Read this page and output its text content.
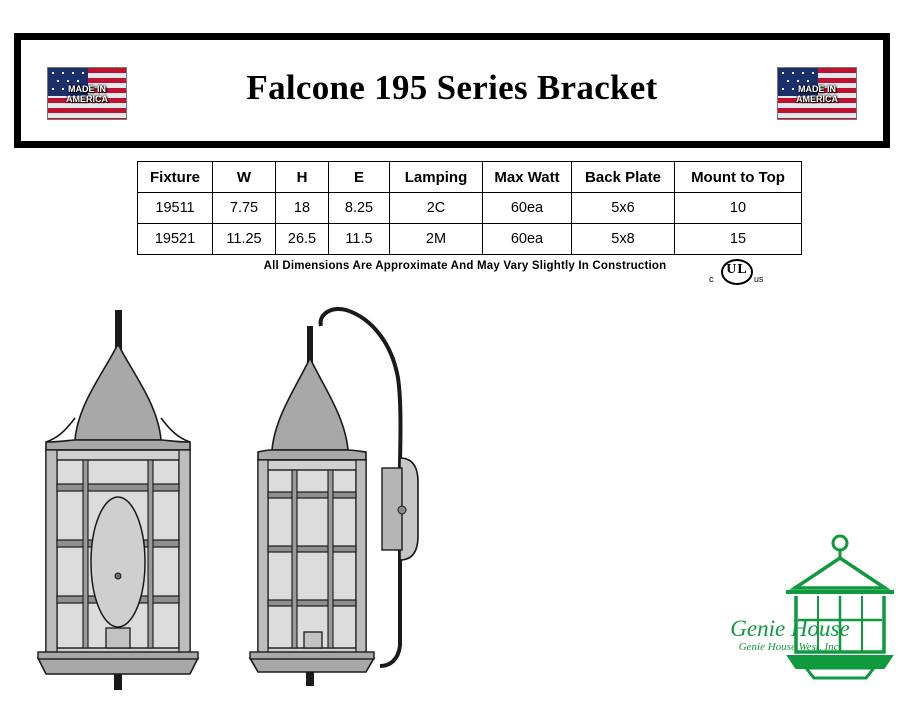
MADE IN
AMERICA	Falcone 195 Series Bracket	MADE IN
AMERICA
Fixture	W	H	E	Lamping	Max Watt	Back Plate	Mount to Top
19511	7.75	18	8.25	2C	60ea	5x6	10
19521	11.25	26.5	11.5	2M	60ea	5x8	15
All Dimensions Are Approximate And May Vary Slightly In Construction	UL
c	us
Genie House
Genie House West, Inc.
